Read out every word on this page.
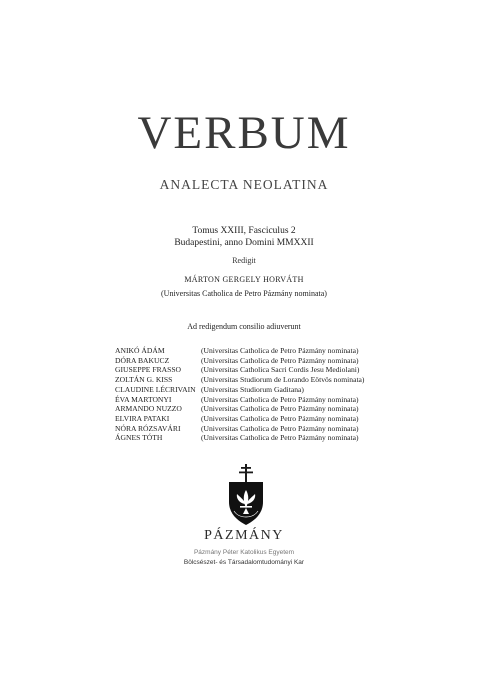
VERBUM
ANALECTA NEOLATINA
Tomus XXIII, Fasciculus 2
Budapestini, anno Domini MMXXII
Redigit
MÁRTON GERGELY HORVÁTH
(Universitas Catholica de Petro Pázmány nominata)
Ad redigendum consilio adiuverunt
ANIKÓ ÁDÁM	(Universitas Catholica de Petro Pázmány nominata)
DÓRA BAKUCZ	(Universitas Catholica de Petro Pázmány nominata)
GIUSEPPE FRASSO	(Universitas Catholica Sacri Cordis Jesu Mediolani)
ZOLTÁN G. KISS	(Universitas Studiorum de Lorando Eötvös nominata)
CLAUDINE LÉCRIVAIN (Universitas Studiorum Gaditana)
ÉVA MARTONYI	(Universitas Catholica de Petro Pázmány nominata)
ARMANDO NUZZO	(Universitas Catholica de Petro Pázmány nominata)
ELVIRA PATAKI	(Universitas Catholica de Petro Pázmány nominata)
NÓRA RÓZSAVÁRI	(Universitas Catholica de Petro Pázmány nominata)
ÁGNES TÓTH	(Universitas Catholica de Petro Pázmány nominata)
PÁZMÁNY
Pázmány Péter Katolikus Egyetem
Bölcsészet- és Társadalomtudományi Kar
